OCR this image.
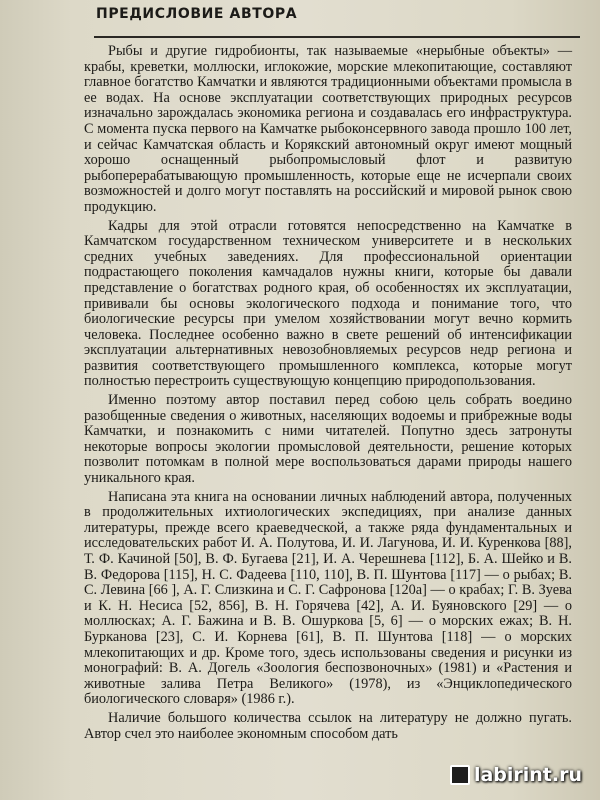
ПРЕДИСЛОВИЕ АВТОРА

Рыбы и другие гидробионты, так называемые «нерыбные объекты» — крабы, креветки, моллюски, иглокожие, морские млекопитающие, составляют главное богатство Камчатки и являются традиционными объектами промысла в ее водах. На основе эксплуатации соответствующих природных ресурсов изначально зарождалась экономика региона и создавалась его инфраструктура. С момента пуска первого на Камчатке рыбоконсервного завода прошло 100 лет, и сейчас Камчатская область и Корякский автономный округ имеют мощный хорошо оснащенный рыбопромысловый флот и развитую рыбоперерабатывающую промышленность, которые еще не исчерпали своих возможностей и долго могут поставлять на российский и мировой рынок свою продукцию.

Кадры для этой отрасли готовятся непосредственно на Камчатке в Камчатском государственном техническом университете и в нескольких средних учебных заведениях. Для профессиональной ориентации подрастающего поколения камчадалов нужны книги, которые бы давали представление о богатствах родного края, об особенностях их эксплуатации, прививали бы основы экологического подхода и понимание того, что биологические ресурсы при умелом хозяйствовании могут вечно кормить человека. Последнее особенно важно в свете решений об интенсификации эксплуатации альтернативных невозобновляемых ресурсов недр региона и развития соответствующего промышленного комплекса, которые могут полностью перестроить существующую концепцию природопользования.

Именно поэтому автор поставил перед собою цель собрать воедино разобщенные сведения о животных, населяющих водоемы и прибрежные воды Камчатки, и познакомить с ними читателей. Попутно здесь затронуты некоторые вопросы экологии промысловой деятельности, решение которых позволит потомкам в полной мере воспользоваться дарами природы нашего уникального края.

Написана эта книга на основании личных наблюдений автора, полученных в продолжительных ихтиологических экспедициях, при анализе данных литературы, прежде всего краеведческой, а также ряда фундаментальных и исследовательских работ И. А. Полутова, И. И. Лагунова, И. И. Куренкова [88], Т. Ф. Качиной [50], В. Ф. Бугаева [21], И. А. Черешнева [112], Б. А. Шейко и В. В. Федорова [115], Н. С. Фадеева [110, 110], В. П. Шунтова [117] — о рыбах; В. С. Левина [66 ], А. Г. Слизкина и С. Г. Сафронова [120а] — о крабах; Г. В. Зуева и К. Н. Несиса [52, 856], В. Н. Горячева [42], А. И. Буяновского [29] — о моллюсках; А. Г. Бажина и В. В. Ошуркова [5, 6] — о морских ежах; В. Н. Бурканова [23], С. И. Корнева [61], В. П. Шунтова [118] — о морских млекопитающих и др. Кроме того, здесь использованы сведения и рисунки из монографий: В. А. Догель «Зоология беспозвоночных» (1981) и «Растения и животные залива Петра Великого» (1978), из «Энциклопедического биологического словаря» (1986 г.).

Наличие большого количества ссылок на литературу не должно пугать. Автор счел это наиболее экономным способом дать

labirint.ru
